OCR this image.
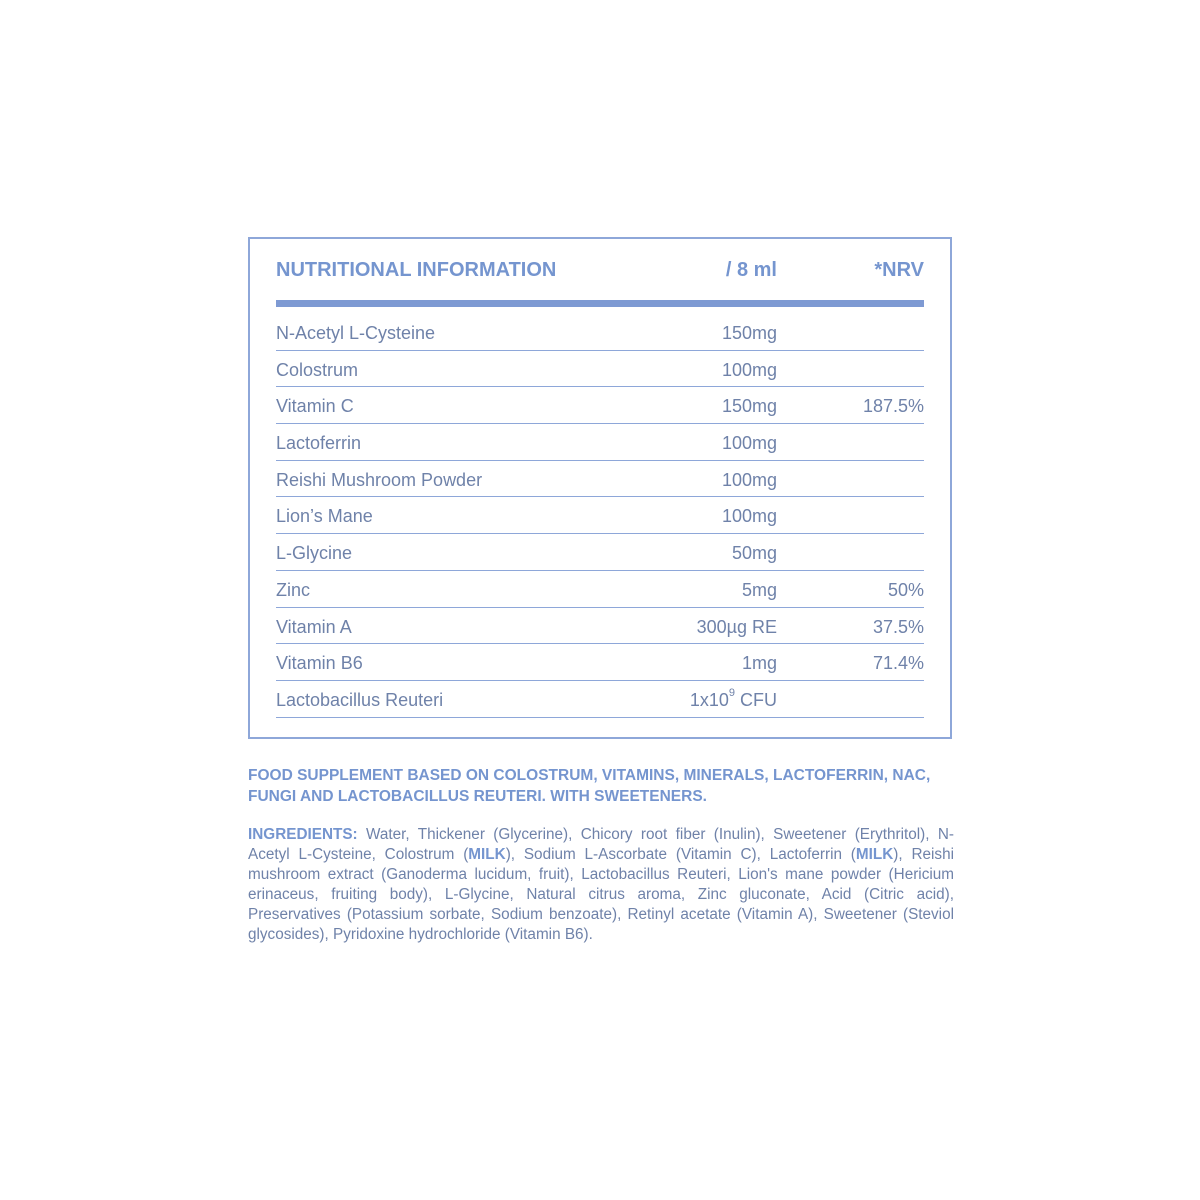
NUTRITIONAL INFORMATION	/ 8 ml	*NRV
N-Acetyl L-Cysteine	150mg
Colostrum	100mg
Vitamin C	150mg	187.5%
Lactoferrin	100mg
Reishi Mushroom Powder	100mg
Lion’s Mane	100mg
L-Glycine	50mg
Zinc	5mg	50%
Vitamin A	300µg RE	37.5%
Vitamin B6	1mg	71.4%
Lactobacillus Reuteri	$1x10^9$ CFU
FOOD SUPPLEMENT BASED ON COLOSTRUM, VITAMINS, MINERALS, LACTOFERRIN, NAC, FUNGI AND LACTOBACILLUS REUTERI. WITH SWEETENERS.
INGREDIENTS: Water, Thickener (Glycerine), Chicory root fiber (Inulin), Sweetener (Erythritol), N-Acetyl L-Cysteine, Colostrum (MILK), Sodium L-Ascorbate (Vitamin C), Lactoferrin (MILK), Reishi mushroom extract (Ganoderma lucidum, fruit), Lactobacillus Reuteri, Lion's mane powder (Hericium erinaceus, fruiting body), L-Glycine, Natural citrus aroma, Zinc gluconate, Acid (Citric acid), Preservatives (Potassium sorbate, Sodium benzoate), Retinyl acetate (Vitamin A), Sweetener (Steviol glycosides), Pyridoxine hydrochloride (Vitamin B6).
